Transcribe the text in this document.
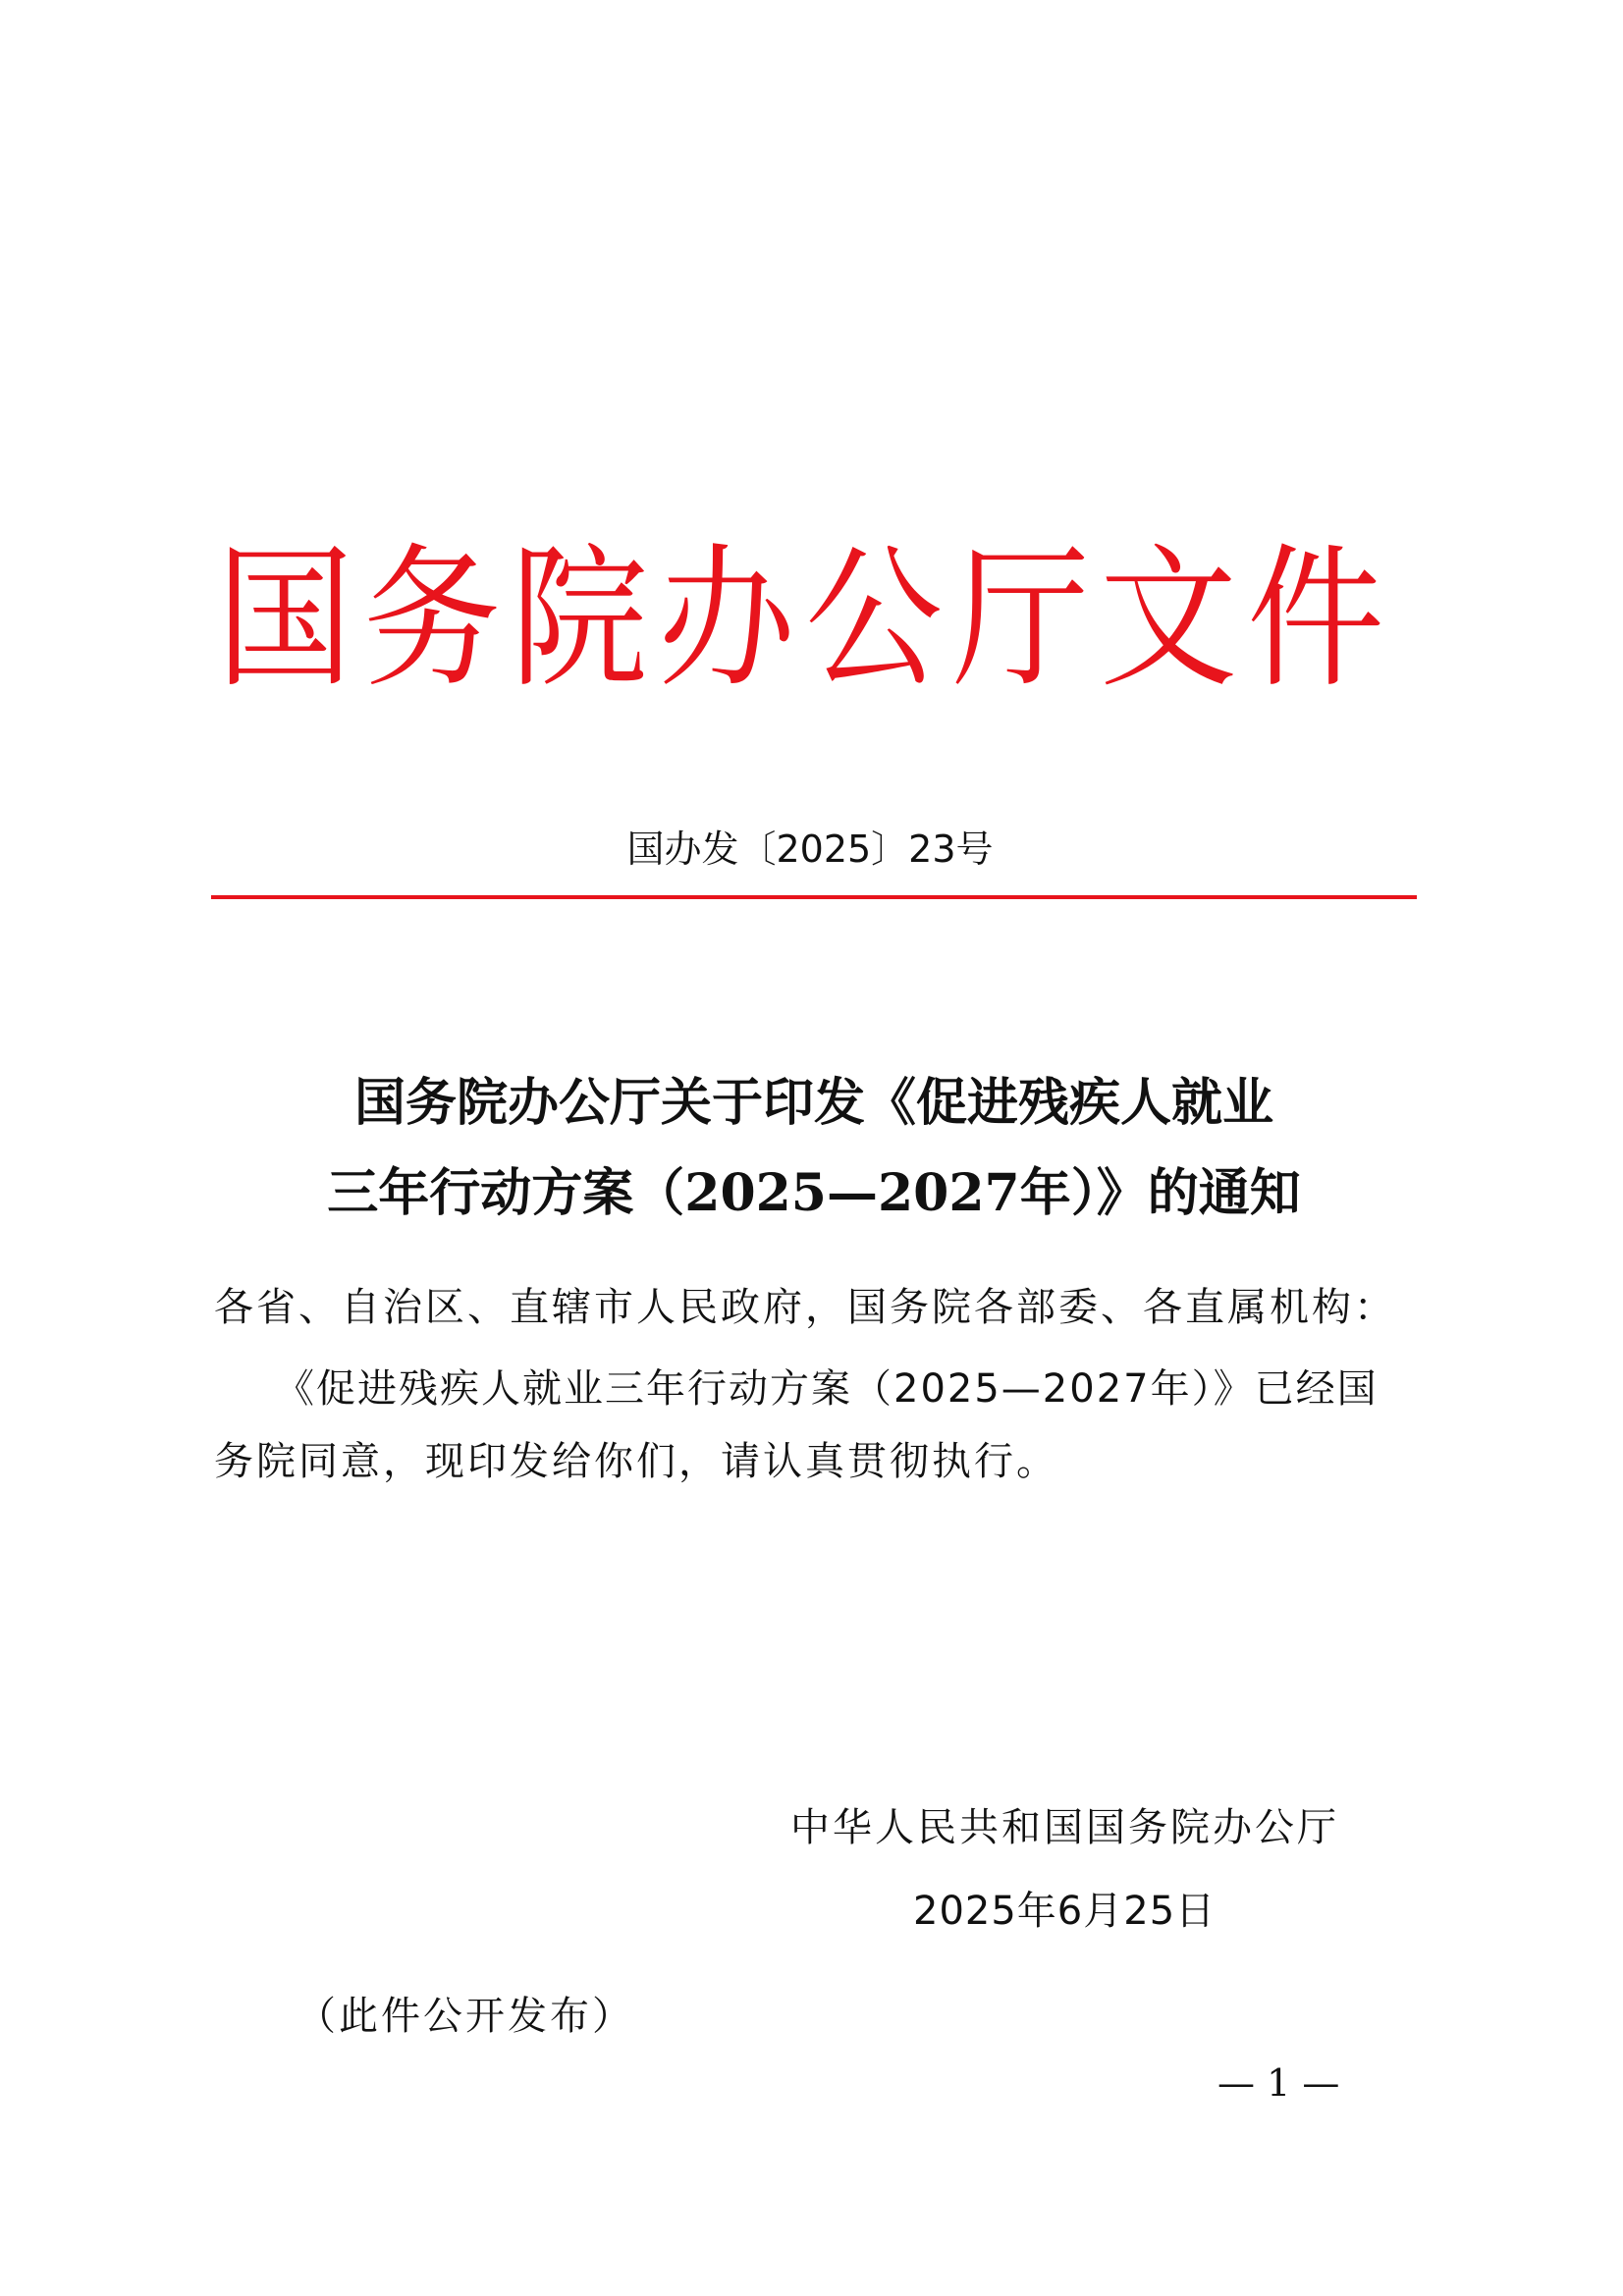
国务院办公厅文件
国办发〔2025〕23号
国务院办公厅关于印发《促进残疾人就业
三年行动方案（2025—2027年）》的通知
各省、自治区、直辖市人民政府，国务院各部委、各直属机构：
《促进残疾人就业三年行动方案（2025—2027年）》已经国
务院同意，现印发给你们，请认真贯彻执行。
中华人民共和国国务院办公厅
2025年6月25日
（此件公开发布）
— 1 —
